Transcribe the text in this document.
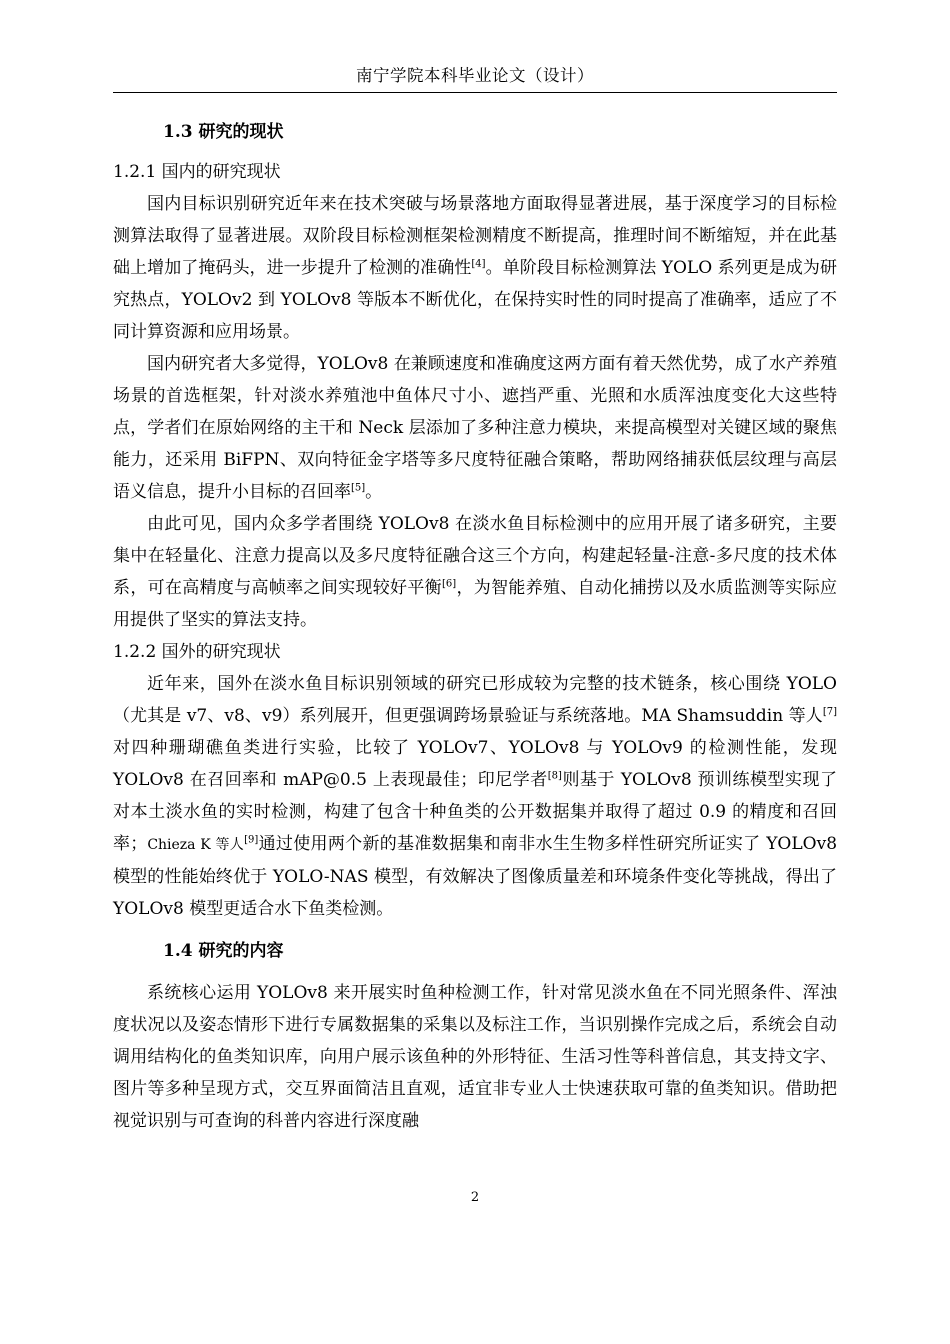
南宁学院本科毕业论文（设计）

1.3 研究的现状

1.2.1 国内的研究现状

国内目标识别研究近年来在技术突破与场景落地方面取得显著进展，基于深度学习的目标检测算法取得了显著进展。双阶段目标检测框架检测精度不断提高，推理时间不断缩短，并在此基础上增加了掩码头，进一步提升了检测的准确性[4]。单阶段目标检测算法 YOLO 系列更是成为研究热点，YOLOv2 到 YOLOv8 等版本不断优化，在保持实时性的同时提高了准确率，适应了不同计算资源和应用场景。

国内研究者大多觉得，YOLOv8 在兼顾速度和准确度这两方面有着天然优势，成了水产养殖场景的首选框架，针对淡水养殖池中鱼体尺寸小、遮挡严重、光照和水质浑浊度变化大这些特点，学者们在原始网络的主干和 Neck 层添加了多种注意力模块，来提高模型对关键区域的聚焦能力，还采用 BiFPN、双向特征金字塔等多尺度特征融合策略，帮助网络捕获低层纹理与高层语义信息，提升小目标的召回率[5]。

由此可见，国内众多学者围绕 YOLOv8 在淡水鱼目标检测中的应用开展了诸多研究，主要集中在轻量化、注意力提高以及多尺度特征融合这三个方向，构建起轻量-注意-多尺度的技术体系，可在高精度与高帧率之间实现较好平衡[6]，为智能养殖、自动化捕捞以及水质监测等实际应用提供了坚实的算法支持。

1.2.2 国外的研究现状

近年来，国外在淡水鱼目标识别领域的研究已形成较为完整的技术链条，核心围绕 YOLO（尤其是 v7、v8、v9）系列展开，但更强调跨场景验证与系统落地。MA Shamsuddin 等人[7]对四种珊瑚礁鱼类进行实验，比较了 YOLOv7、YOLOv8 与 YOLOv9 的检测性能，发现 YOLOv8 在召回率和 mAP@0.5 上表现最佳；印尼学者[8]则基于 YOLOv8 预训练模型实现了对本土淡水鱼的实时检测，构建了包含十种鱼类的公开数据集并取得了超过 0.9 的精度和召回率；Chieza K 等人[9]通过使用两个新的基准数据集和南非水生生物多样性研究所证实了 YOLOv8 模型的性能始终优于 YOLO-NAS 模型，有效解决了图像质量差和环境条件变化等挑战，得出了 YOLOv8 模型更适合水下鱼类检测。

1.4 研究的内容

系统核心运用 YOLOv8 来开展实时鱼种检测工作，针对常见淡水鱼在不同光照条件、浑浊度状况以及姿态情形下进行专属数据集的采集以及标注工作，当识别操作完成之后，系统会自动调用结构化的鱼类知识库，向用户展示该鱼种的外形特征、生活习性等科普信息，其支持文字、图片等多种呈现方式，交互界面简洁且直观，适宜非专业人士快速获取可靠的鱼类知识。借助把视觉识别与可查询的科普内容进行深度融

2
